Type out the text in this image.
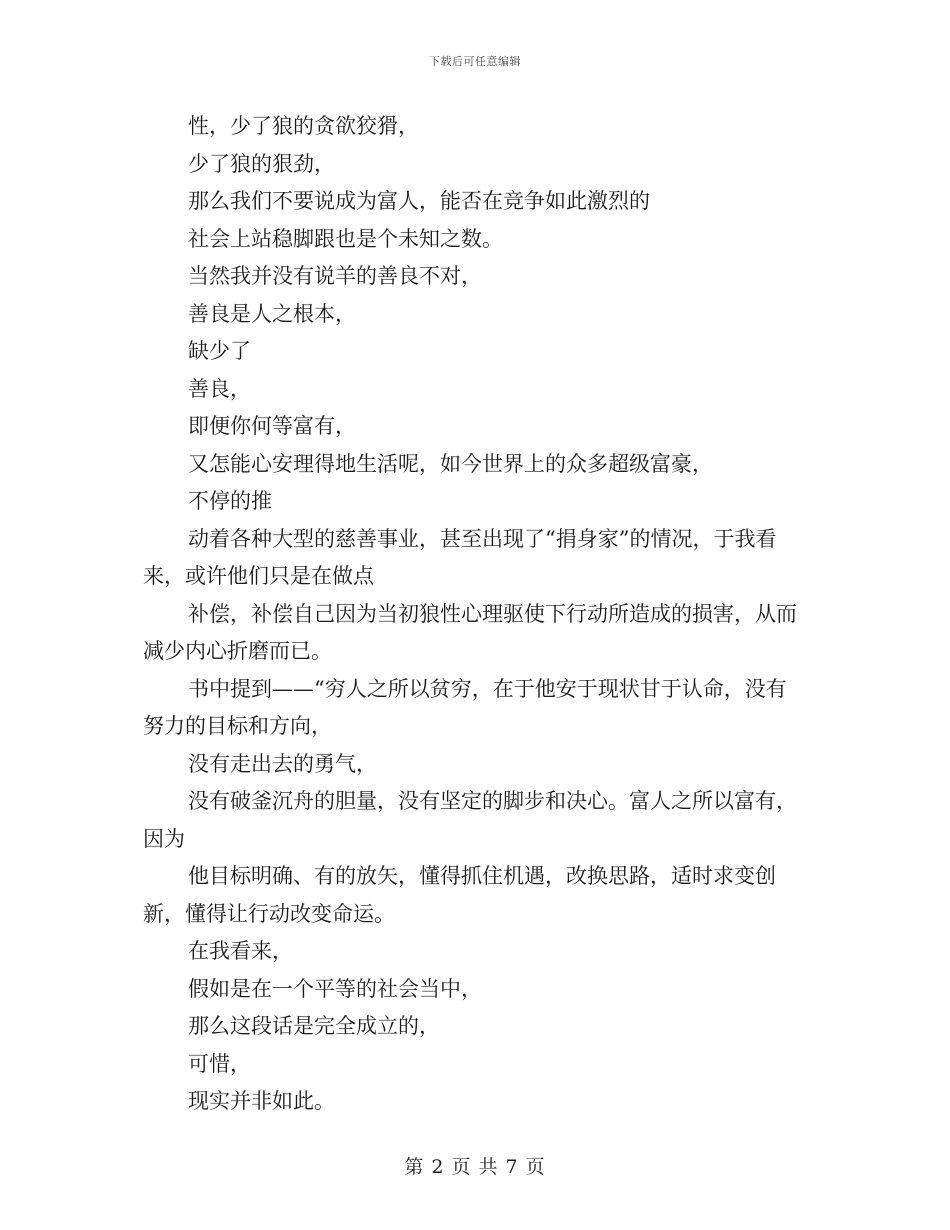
下载后可任意编辑

性，少了狼的贪欲狡猾，

少了狼的狠劲，

那么我们不要说成为富人，能否在竞争如此激烈的

社会上站稳脚跟也是个未知之数。

当然我并没有说羊的善良不对，

善良是人之根本，

缺少了

善良，

即便你何等富有，

又怎能心安理得地生活呢，如今世界上的众多超级富豪，

不停的推

动着各种大型的慈善事业，甚至出现了“捐身家”的情况，于我看来，或许他们只是在做点

补偿，补偿自己因为当初狼性心理驱使下行动所造成的损害，从而减少内心折磨而已。

书中提到——“穷人之所以贫穷，在于他安于现状甘于认命，没有努力的目标和方向，

没有走出去的勇气，

没有破釜沉舟的胆量，没有坚定的脚步和决心。富人之所以富有，因为

他目标明确、有的放矢，懂得抓住机遇，改换思路，适时求变创新，懂得让行动改变命运。

在我看来，

假如是在一个平等的社会当中，

那么这段话是完全成立的，

可惜，

现实并非如此。

第 2 页 共 7 页
